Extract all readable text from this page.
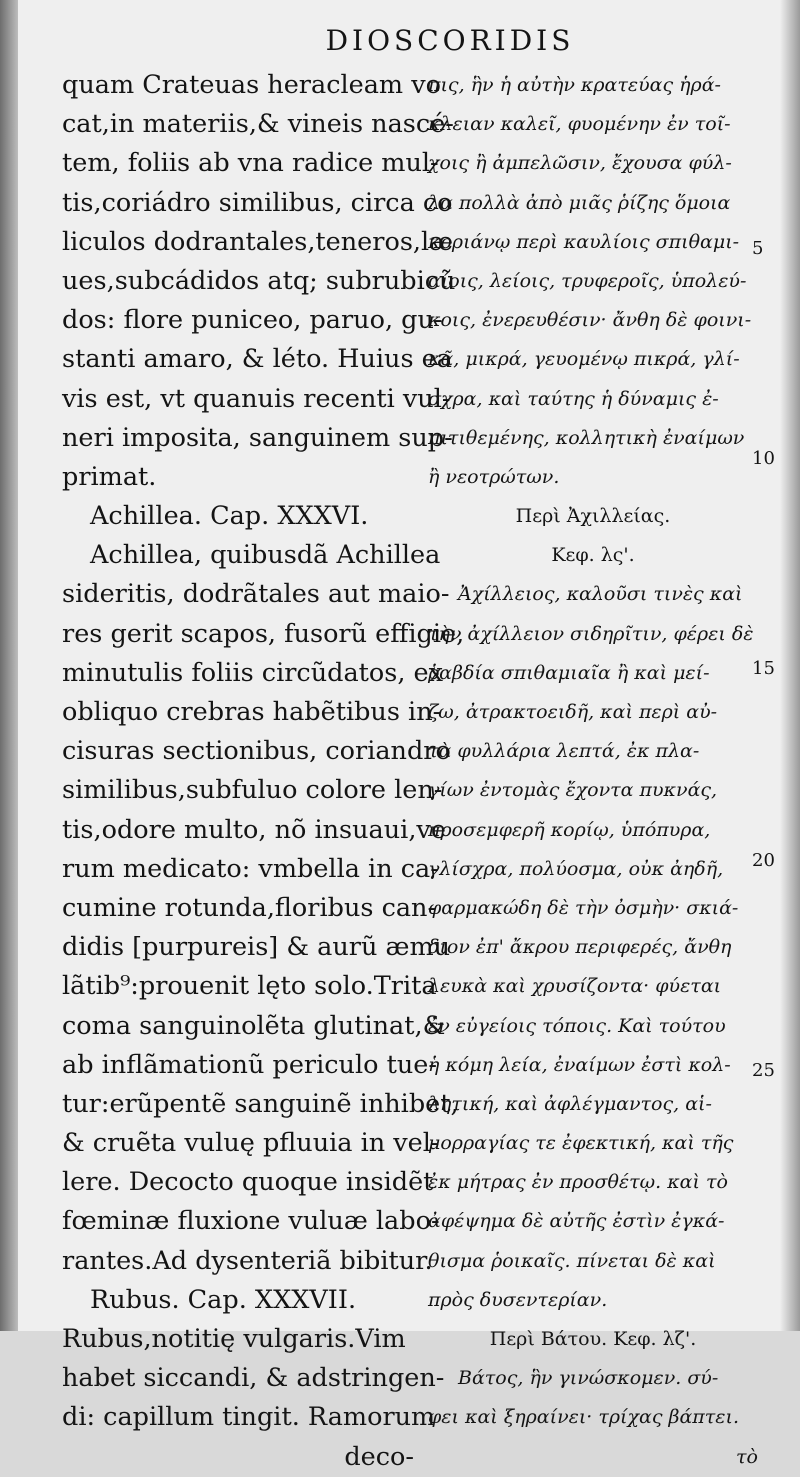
DIOSCORIDIS
quam Crateuas heracleam vo
cat,in materiis,& vineis nascé-
tem, foliis ab vna radice mul-
tis,coriádro similibus, circa co
liculos dodrantales,teneros,læ
ues,subcádidos atq; subrubicũ
dos: flore puniceo, paruo, gu-
stanti amaro, & léto. Huius ea
vis est, vt quanuis recenti vul-
neri imposita, sanguinem sup-
primat.
Achillea. Cap. XXXVI.
Achillea, quibusdã Achillea
sideritis, dodrãtales aut maio-
res gerit scapos, fusorũ effigie,
minutulis foliis circũdatos, ex
obliquo crebras habẽtibus in-
cisuras sectionibus, coriandro
similibus,subfuluo colore len-
tis,odore multo, nõ insuaui,ve
rum medicato: vmbella in ca-
cumine rotunda,floribus can-
didis [purpureis] & aurũ æmu
lãtib⁹:prouenit lęto solo.Trita
coma sanguinolẽta glutinat,&
ab inflãmationũ periculo tue-
tur:erũpentẽ sanguinẽ inhibet,
& cruẽta vuluę pfluuia in vel-
lere. Decocto quoque insidẽt
fœminæ fluxione vuluæ labo-
rantes.Ad dysenteriã bibitur.
Rubus. Cap. XXXVII.
Rubus,notitię vulgaris.Vim
habet siccandi, & adstringen-
di: capillum tingit. Ramorum
deco-
πις, ἣν ἡ αὐτὴν κρατεύας ἡρά-
κλειαν καλεῖ, φυομένην ἐν τοῖ-
χοις ἢ ἀμπελῶσιν, ἔχουσα φύλ-
λα πολλὰ ἀπὸ μιᾶς ῥίζης ὅμοια
κοριάνῳ περὶ καυλίοις σπιθαμι-
αίοις, λείοις, τρυφεροῖς, ὑπολεύ-
κοις, ἐνερευθέσιν· ἄνθη δὲ φοινι-
κᾶ, μικρά, γευομένῳ πικρά, γλί-
σχρα, καὶ ταύτης ἡ δύναμις ἐ-
πιτιθεμένης, κολλητικὴ ἐναίμων
ἢ νεοτρώτων.
Περὶ Ἀχιλλείας.
Κεφ. λς'.
Ἀχίλλειος, καλοῦσι τινὲς καὶ
τὴν ἀχίλλειον σιδηρῖτιν, φέρει δὲ
ῥαβδία σπιθαμιαῖα ἢ καὶ μεί-
ζω, ἀτρακτοειδῆ, καὶ περὶ αὐ-
τὰ φυλλάρια λεπτά, ἐκ πλα-
γίων ἐντομὰς ἔχοντα πυκνάς,
προσεμφερῆ κορίῳ, ὑπόπυρα,
γλίσχρα, πολύοσμα, οὐκ ἀηδῆ,
φαρμακώδη δὲ τὴν ὀσμὴν· σκιά-
διον ἐπ' ἄκρου περιφερές, ἄνθη
λευκὰ καὶ χρυσίζοντα· φύεται
ἐν εὐγείοις τόποις. Καὶ τούτου
ἡ κόμη λεία, ἐναίμων ἐστὶ κολ-
λητική, καὶ ἀφλέγμαντος, αἱ-
μορραγίας τε ἐφεκτική, καὶ τῆς
ἐκ μήτρας ἐν προσθέτῳ. καὶ τὸ
ἀφέψημα δὲ αὐτῆς ἐστὶν ἐγκά-
θισμα ῥοικαῖς. πίνεται δὲ καὶ
πρὸς δυσεντερίαν.
Περὶ Βάτου. Κεφ. λζ'.
Βάτος, ἣν γινώσκομεν. σύ-
φει καὶ ξηραίνει· τρίχας βάπτει.
τὸ
5
10
15
20
25
